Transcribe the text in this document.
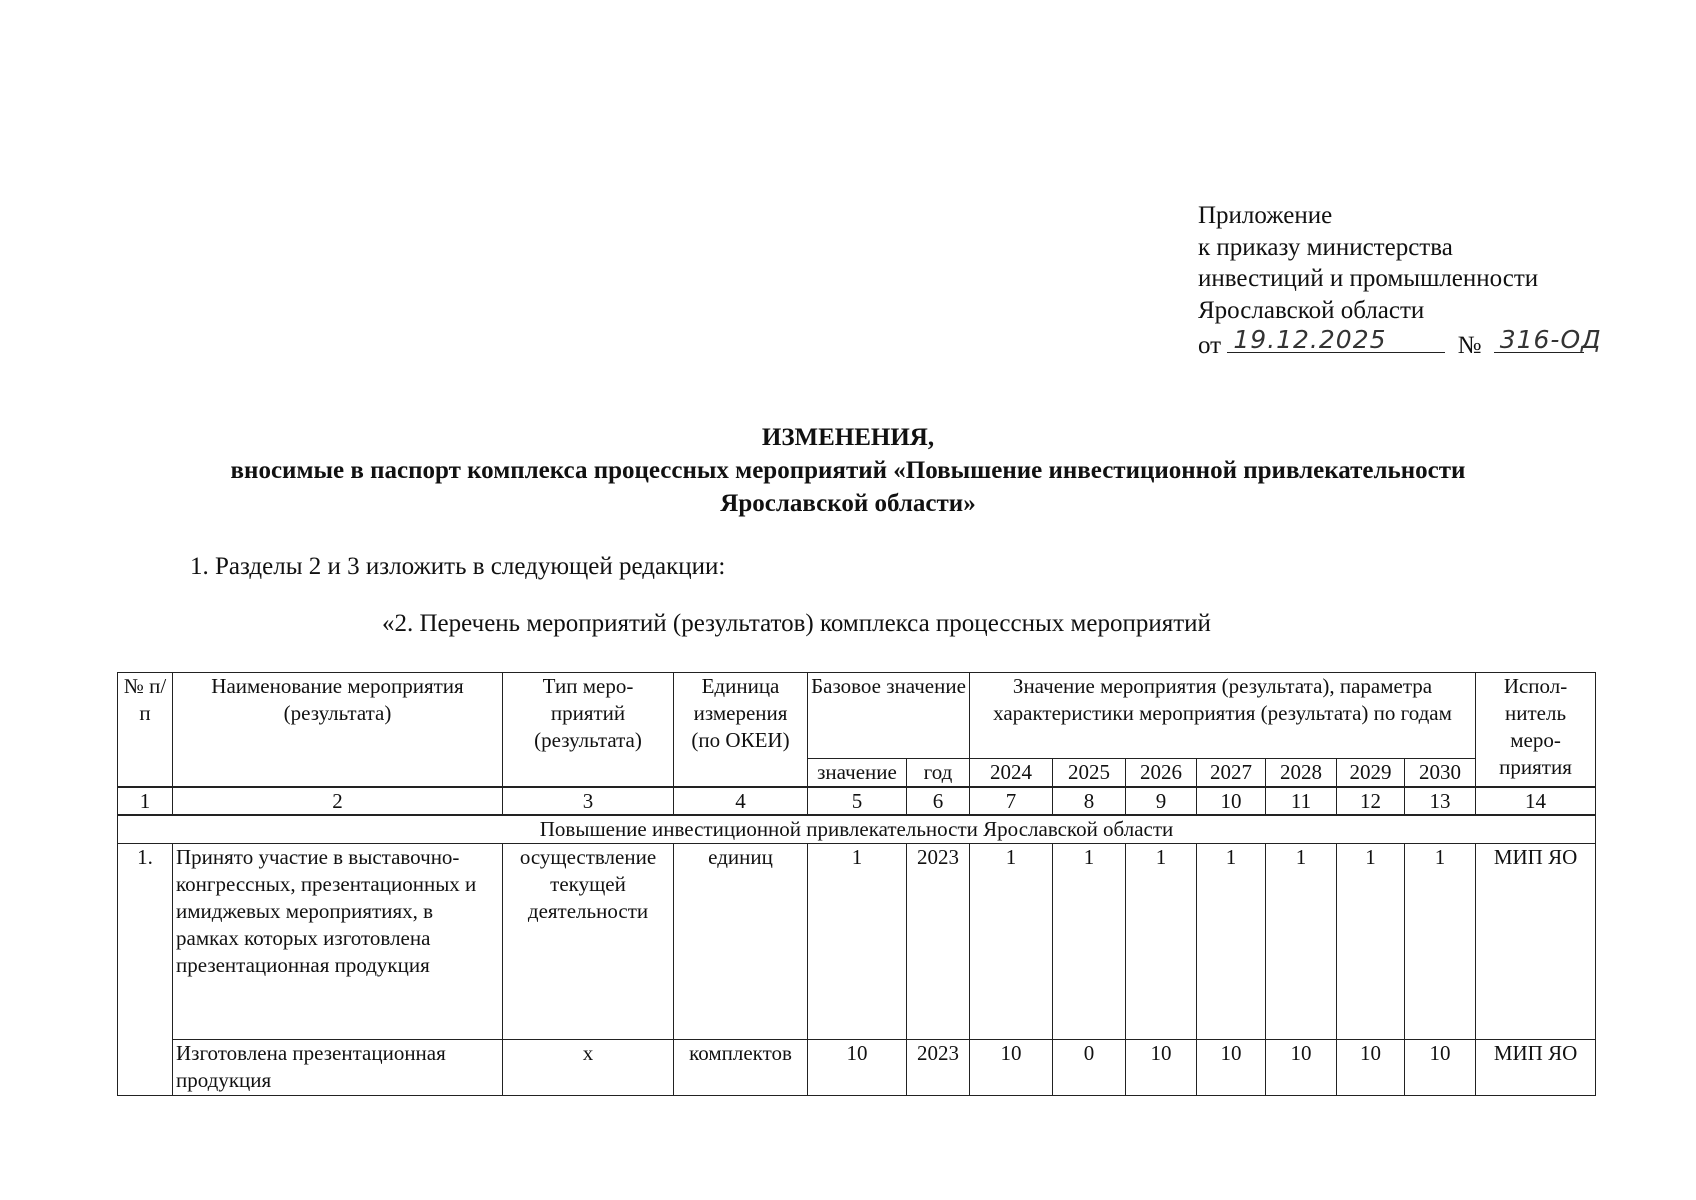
Приложение
к приказу министерства
инвестиций и промышленности
Ярославской области
от 19.12.2025	№ 316-ОД
ИЗМЕНЕНИЯ,
вносимые в паспорт комплекса процессных мероприятий «Повышение инвестиционной привлекательности
Ярославской области»
1. Разделы 2 и 3 изложить в следующей редакции:
«2. Перечень мероприятий (результатов) комплекса процессных мероприятий
№ п/п	Наименование мероприятия (результата)	Тип меро-приятий (результата)	Единица измерения (по ОКЕИ)	Базовое значение		Значение мероприятия (результата), параметра характеристики мероприятия (результата) по годам							Испол-нитель меро-приятия
				значение	год	2024	2025	2026	2027	2028	2029	2030	
1	2	3	4	5	6	7	8	9	10	11	12	13	14
Повышение инвестиционной привлекательности Ярославской области													
1.	Принято участие в выставочно-конгрессных, презентационных и имиджевых мероприятиях, в рамках которых изготовлена презентационная продукция	осуществление текущей деятельности	единиц	1	2023	1	1	1	1	1	1	1	МИП ЯО
	Изготовлена презентационная продукция	х	комплектов	10	2023	10	0	10	10	10	10	10	МИП ЯО
